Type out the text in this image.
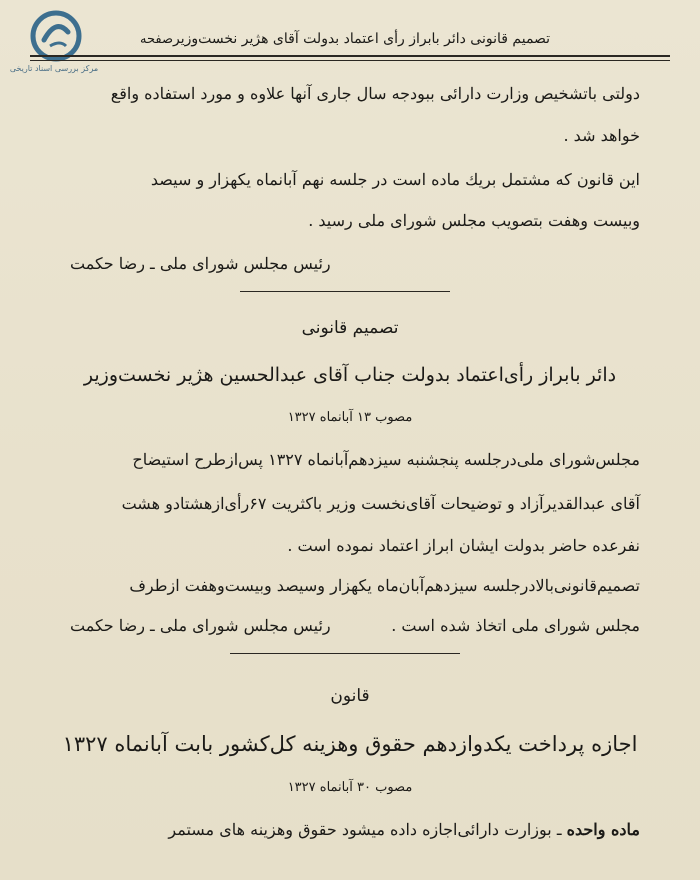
مرکز بررسی اسناد تاریخی
صفحه تصمیم قانونی دائر بابراز رأی اعتماد بدولت آقای هژیر نخست‌وزیر
دولتی باتشخیص وزارت دارائی ببودجه سال جاری آنها علاوه و مورد استفاده واقع
خواهد شد .
این قانون که مشتمل بریك ماده است در جلسه نهم آبانماه یکهزار و سیصد
وبیست وهفت بتصویب مجلس شورای ملی رسید .
رئیس مجلس شورای ملی ـ رضا حکمت
تصمیم قانونی
دائر بابراز رأی‌اعتماد بدولت جناب آقای عبدالحسین هژیر نخست‌وزیر
مصوب ۱۳ آبانماه ۱۳۲۷
مجلس‌شورای ملی‌درجلسه پنجشنبه سیزدهم‌آبانماه ۱۳۲۷ پس‌ازطرح استیضاح
آقای عبدالقدیرآزاد و توضیحات آقای‌نخست وزیر باکثریت ۶۷رأی‌ازهشتادو هشت
نفرعده حاضر بدولت ایشان ابراز اعتماد نموده است .
تصمیم‌قانونی‌بالادرجلسه سیزدهم‌آبان‌ماه یکهزار وسیصد وبیست‌وهفت ازطرف
مجلس شورای ملی اتخاذ شده است .
رئیس مجلس شورای ملی ـ رضا حکمت
قانون
اجازه پرداخت یکدوازدهم حقوق وهزینه کل‌کشور بابت آبانماه ۱۳۲۷
مصوب ۳۰ آبانماه ۱۳۲۷
ماده واحده ـ بوزارت دارائی‌اجازه داده میشود حقوق وهزینه های مستمر
